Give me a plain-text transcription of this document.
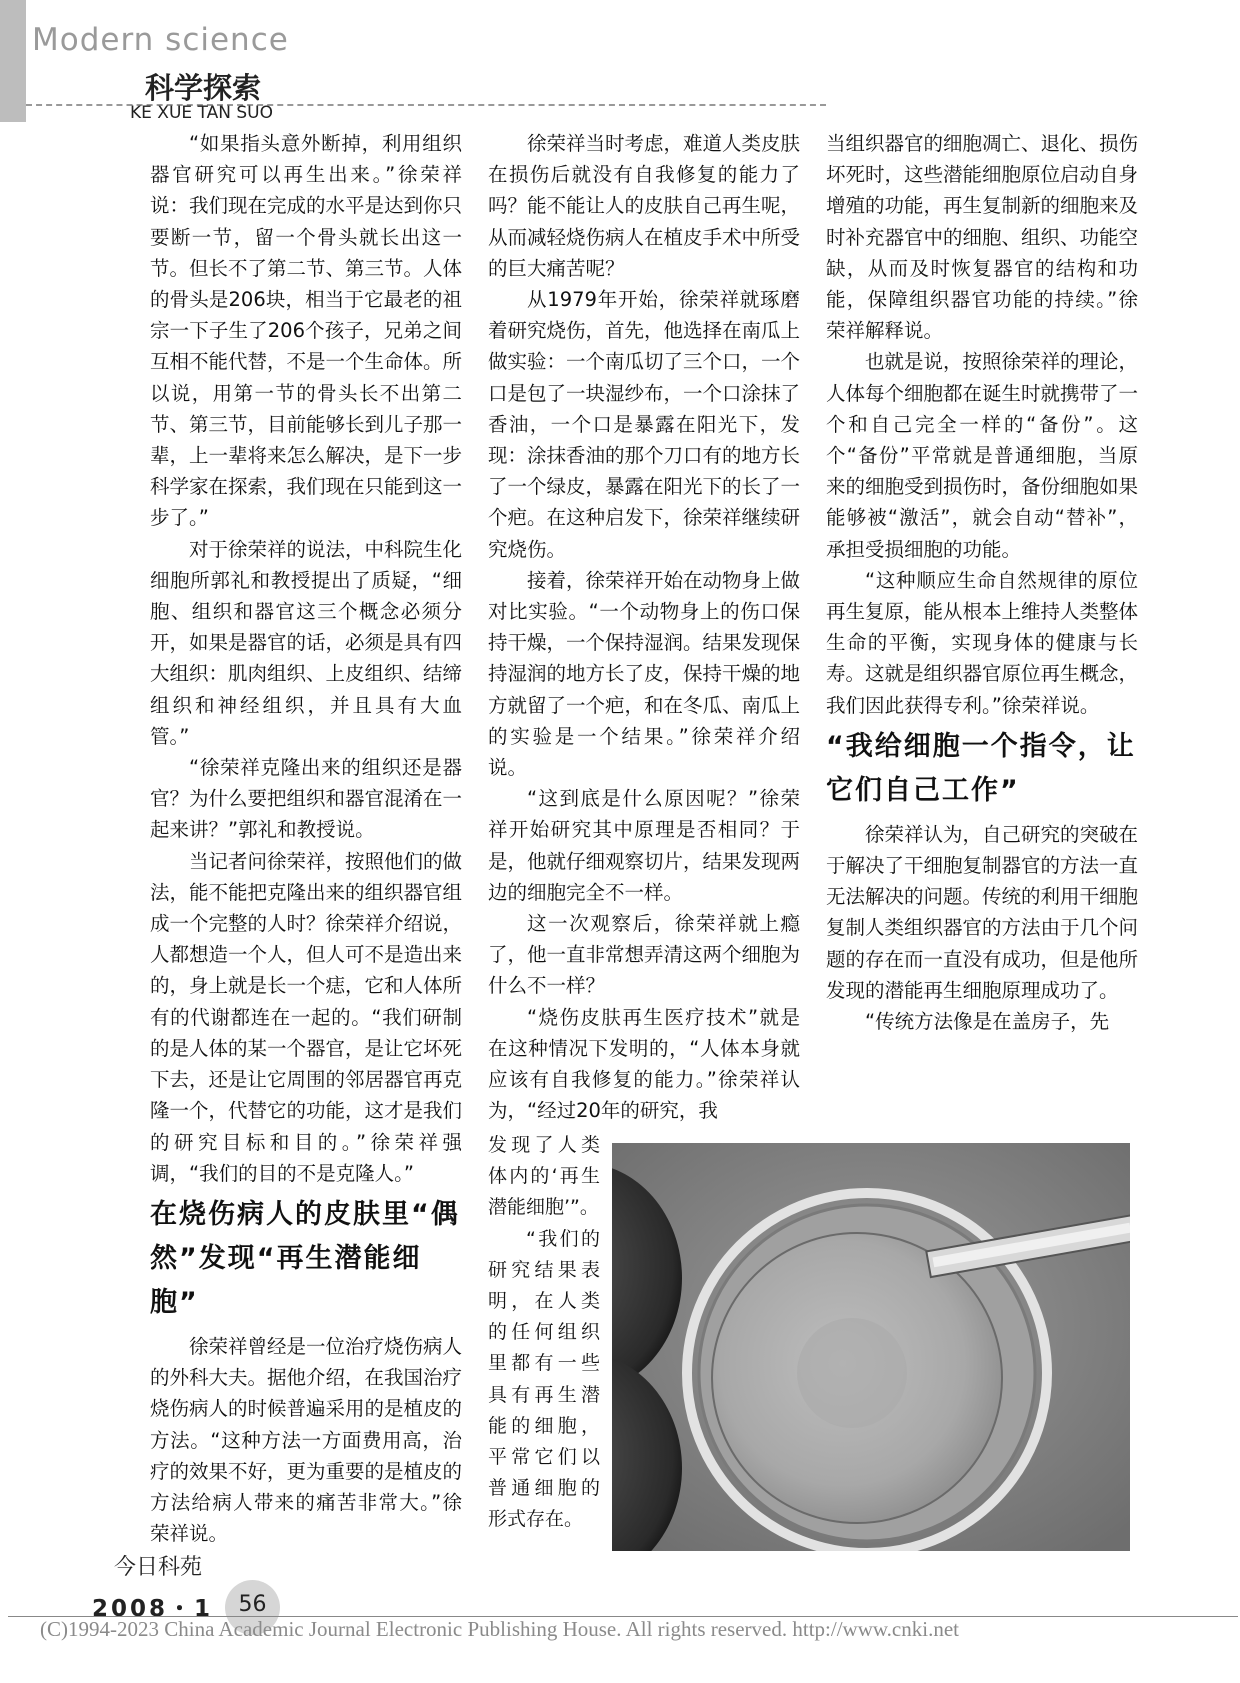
Modern science
科学探索
KE XUE TAN SUO

“如果指头意外断掉，利用组织器官研究可以再生出来。”徐荣祥说：我们现在完成的水平是达到你只要断一节，留一个骨头就长出这一节。但长不了第二节、第三节。人体的骨头是206块，相当于它最老的祖宗一下子生了206个孩子，兄弟之间互相不能代替，不是一个生命体。所以说，用第一节的骨头长不出第二节、第三节，目前能够长到儿子那一辈，上一辈将来怎么解决，是下一步科学家在探索，我们现在只能到这一步了。”

对于徐荣祥的说法，中科院生化细胞所郭礼和教授提出了质疑，“细胞、组织和器官这三个概念必须分开，如果是器官的话，必须是具有四大组织：肌肉组织、上皮组织、结缔组织和神经组织，并且具有大血管。”

“徐荣祥克隆出来的组织还是器官？为什么要把组织和器官混淆在一起来讲？”郭礼和教授说。

当记者问徐荣祥，按照他们的做法，能不能把克隆出来的组织器官组成一个完整的人时？徐荣祥介绍说，人都想造一个人，但人可不是造出来的，身上就是长一个痣，它和人体所有的代谢都连在一起的。“我们研制的是人体的某一个器官，是让它坏死下去，还是让它周围的邻居器官再克隆一个，代替它的功能，这才是我们的研究目标和目的。”徐荣祥强调，“我们的目的不是克隆人。”

在烧伤病人的皮肤里“偶然”发现“再生潜能细胞”

徐荣祥曾经是一位治疗烧伤病人的外科大夫。据他介绍，在我国治疗烧伤病人的时候普遍采用的是植皮的方法。“这种方法一方面费用高，治疗的效果不好，更为重要的是植皮的方法给病人带来的痛苦非常大。”徐荣祥说。

徐荣祥当时考虑，难道人类皮肤在损伤后就没有自我修复的能力了吗？能不能让人的皮肤自己再生呢，从而减轻烧伤病人在植皮手术中所受的巨大痛苦呢？

从1979年开始，徐荣祥就琢磨着研究烧伤，首先，他选择在南瓜上做实验：一个南瓜切了三个口，一个口是包了一块湿纱布，一个口涂抹了香油，一个口是暴露在阳光下，发现：涂抹香油的那个刀口有的地方长了一个绿皮，暴露在阳光下的长了一个疤。在这种启发下，徐荣祥继续研究烧伤。

接着，徐荣祥开始在动物身上做对比实验。“一个动物身上的伤口保持干燥，一个保持湿润。结果发现保持湿润的地方长了皮，保持干燥的地方就留了一个疤，和在冬瓜、南瓜上的实验是一个结果。”徐荣祥介绍说。

“这到底是什么原因呢？”徐荣祥开始研究其中原理是否相同？于是，他就仔细观察切片，结果发现两边的细胞完全不一样。

这一次观察后，徐荣祥就上瘾了，他一直非常想弄清这两个细胞为什么不一样？

“烧伤皮肤再生医疗技术”就是在这种情况下发明的，“人体本身就应该有自我修复的能力。”徐荣祥认为，“经过20年的研究，我

发现了人类体内的‘再生潜能细胞’”。

“我们的研究结果表明，在人类的任何组织里都有一些具有再生潜能的细胞，平常它们以普通细胞的形式存在。

当组织器官的细胞凋亡、退化、损伤坏死时，这些潜能细胞原位启动自身增殖的功能，再生复制新的细胞来及时补充器官中的细胞、组织、功能空缺，从而及时恢复器官的结构和功能，保障组织器官功能的持续。”徐荣祥解释说。

也就是说，按照徐荣祥的理论，人体每个细胞都在诞生时就携带了一个和自己完全一样的“备份”。这个“备份”平常就是普通细胞，当原来的细胞受到损伤时，备份细胞如果能够被“激活”，就会自动“替补”，承担受损细胞的功能。

“这种顺应生命自然规律的原位再生复原，能从根本上维持人类整体生命的平衡，实现身体的健康与长寿。这就是组织器官原位再生概念，我们因此获得专利。”徐荣祥说。

“我给细胞一个指令，让它们自己工作”

徐荣祥认为，自己研究的突破在于解决了干细胞复制器官的方法一直无法解决的问题。传统的利用干细胞复制人类组织器官的方法由于几个问题的存在而一直没有成功，但是他所发现的潜能再生细胞原理成功了。

“传统方法像是在盖房子，先

今日科苑
2008・1	56
(C)1994-2023 China Academic Journal Electronic Publishing House. All rights reserved. http://www.cnki.net
